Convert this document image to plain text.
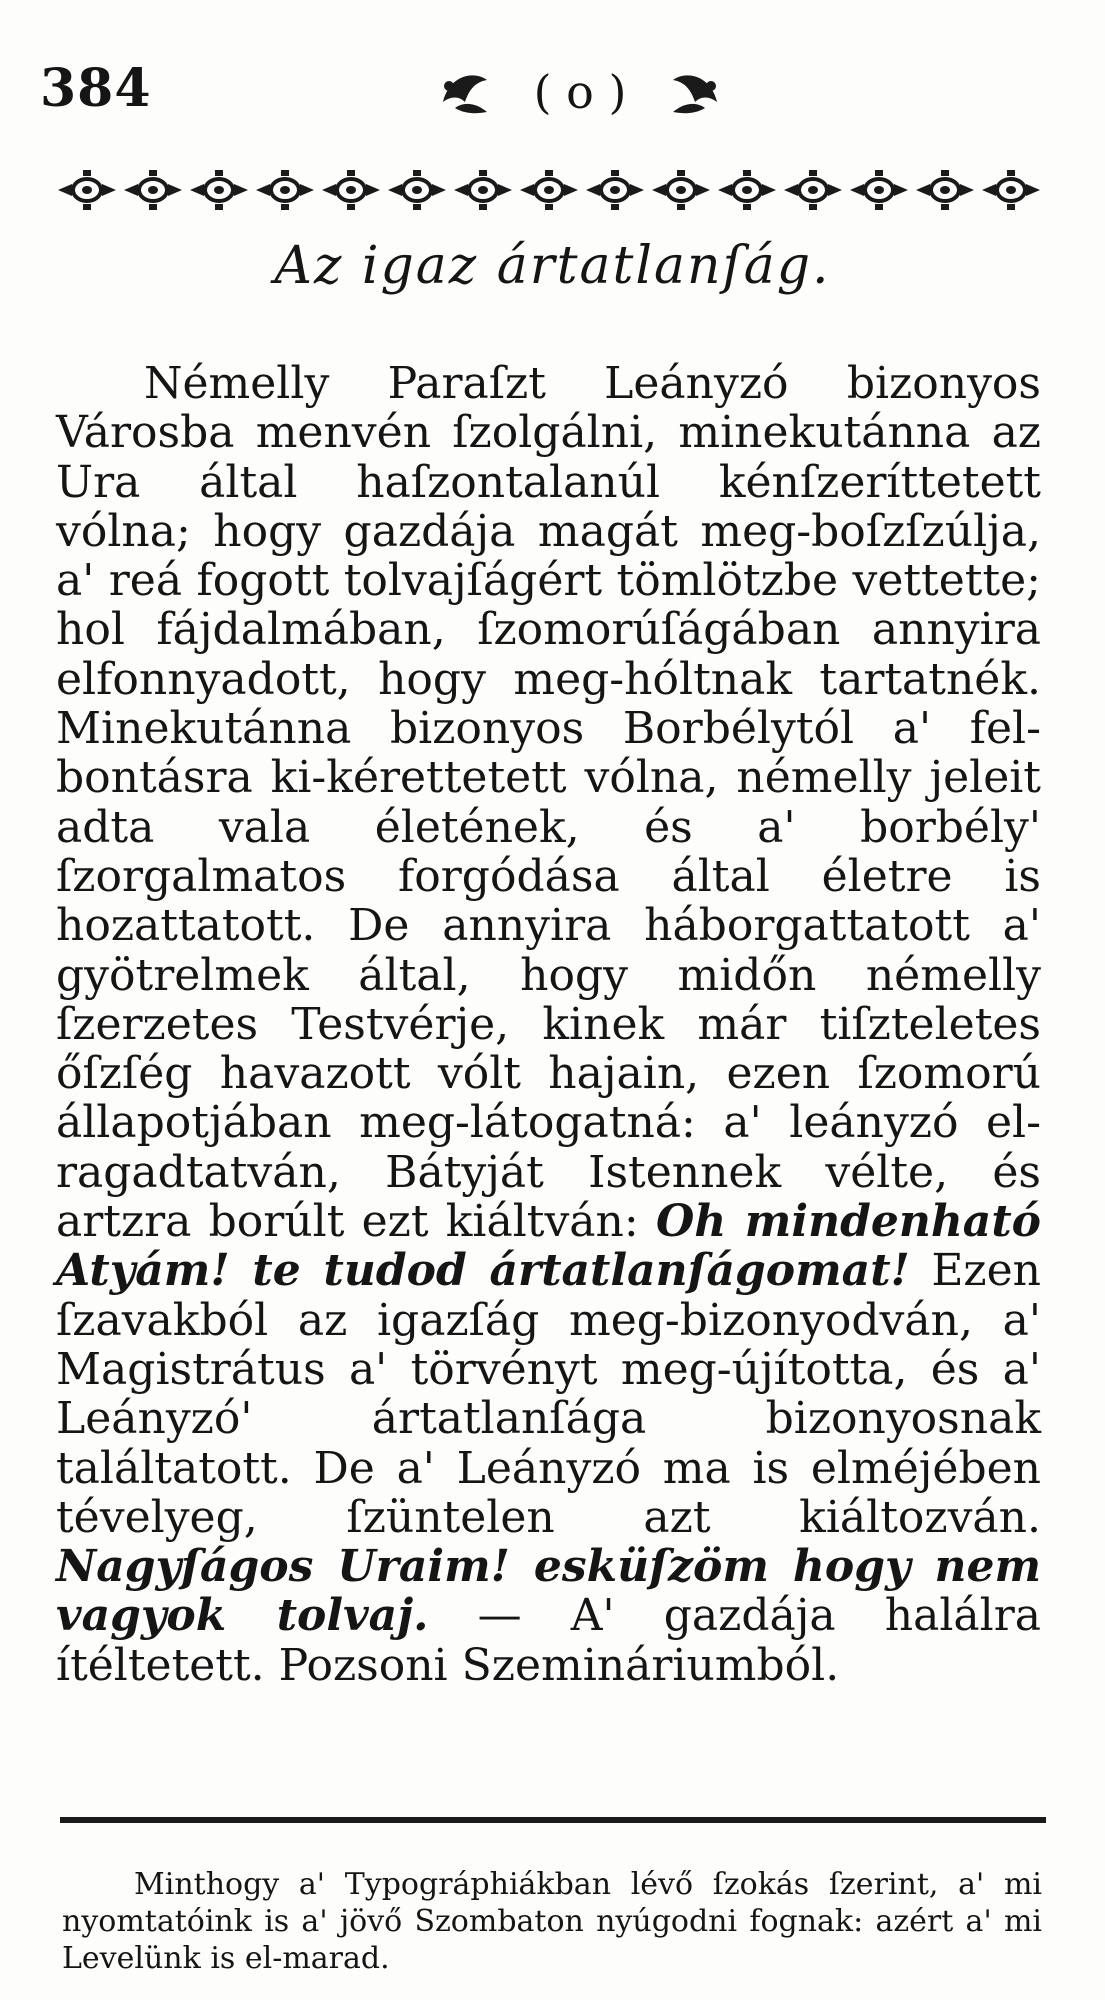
384	( o )
Az igaz ártatlanſág.

Némelly Paraſzt Leányzó bizonyos Városba menvén ſzolgálni, minekutánna az Ura által haſzontalanúl kénſzeríttetett vólna; hogy gazdája magát meg-boſzſzúlja, a' reá fogott tolvajſágért tömlötzbe vettette; hol fájdalmában, ſzomorúſágában annyira elfonnyadott, hogy meg-hóltnak tartatnék. Minekutánna bizonyos Borbélytól a' fel-bontásra ki-kérettetett vólna, némelly jeleit adta vala életének, és a' borbély' ſzorgalmatos forgódása által életre is hozattatott. De annyira háborgattatott a' gyötrelmek által, hogy midőn némelly ſzerzetes Testvérje, kinek már tiſzteletes őſzſég havazott vólt hajain, ezen ſzomorú állapotjában meg-látogatná: a' leányzó el-ragadtatván, Bátyját Istennek vélte, és artzra borúlt ezt kiáltván: Oh mindenható Atyám! te tudod ártatlanſágomat! Ezen ſzavakból az igazſág meg-bizonyodván, a' Magistrátus a' törvényt meg-újította, és a' Leányzó' ártatlanſága bizonyosnak találtatott. De a' Leányzó ma is elméjében tévelyeg, ſzüntelen azt kiáltozván. Nagyſágos Uraim! esküſzöm hogy nem vagyok tolvaj. — A' gazdája halálra ítéltetett. Pozsoni Szemináriumból.

Minthogy a' Typográphiákban lévő ſzokás ſzerint, a' mi nyomtatóink is a' jövő Szombaton nyúgodni fognak: azért a' mi Levelünk is el-marad.
